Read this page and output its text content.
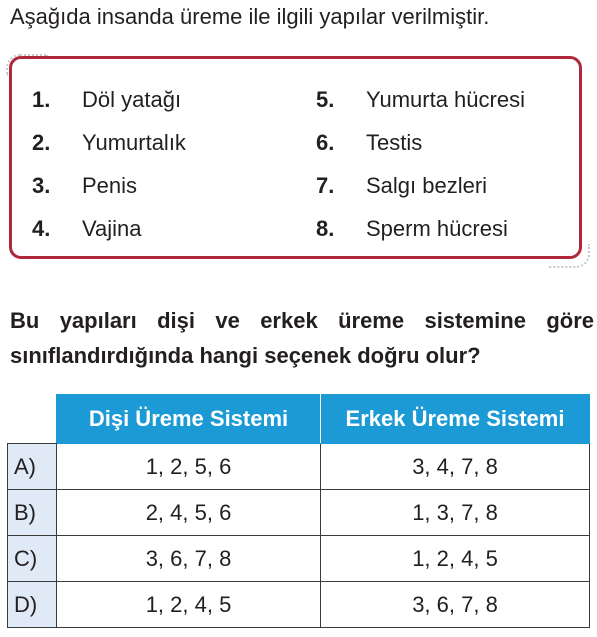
Aşağıda insanda üreme ile ilgili yapılar verilmiştir.
1. Döl yatağı
2. Yumurtalık
3. Penis
4. Vajina
5. Yumurta hücresi
6. Testis
7. Salgı bezleri
8. Sperm hücresi
Bu yapıları dişi ve erkek üreme sistemine göre sınıflandırdığında hangi seçenek doğru olur?
	Dişi Üreme Sistemi	Erkek Üreme Sistemi
A)	1, 2, 5, 6	3, 4, 7, 8
B)	2, 4, 5, 6	1, 3, 7, 8
C)	3, 6, 7, 8	1, 2, 4, 5
D)	1, 2, 4, 5	3, 6, 7, 8
